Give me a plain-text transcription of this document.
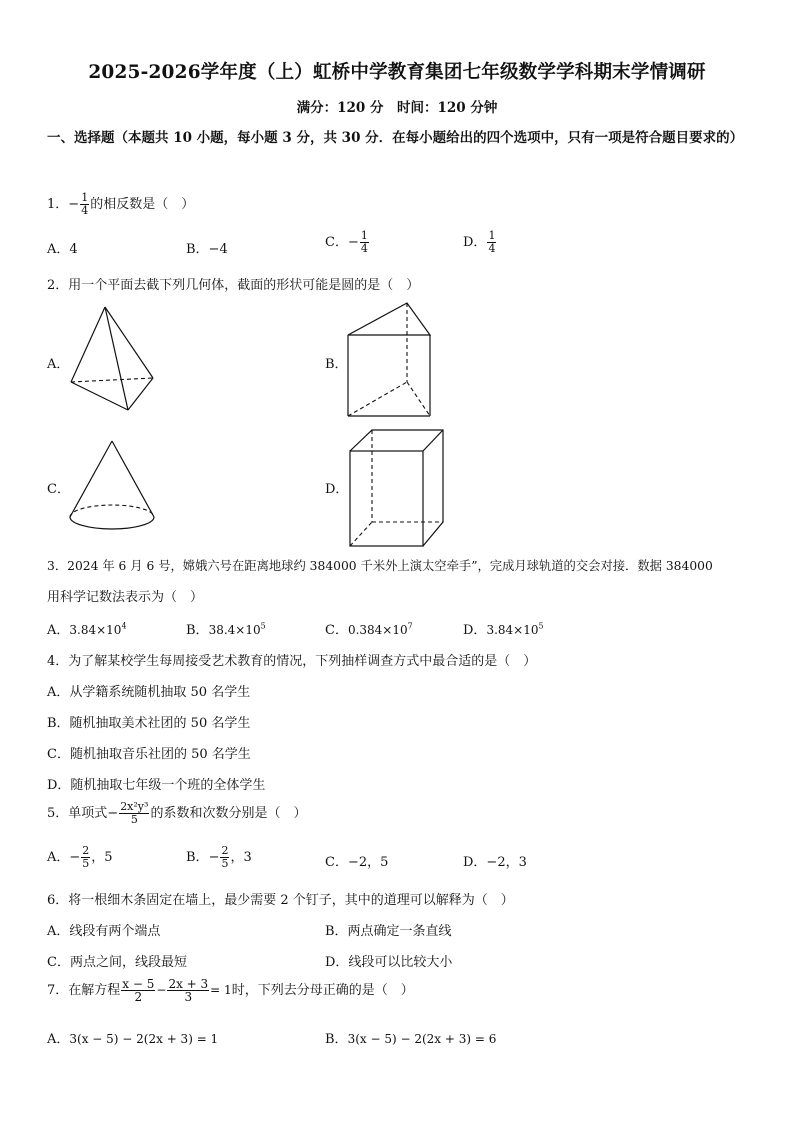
2025-2026学年度（上）虹桥中学教育集团七年级数学学科期末学情调研
满分：120 分　时间：120 分钟
一、选择题（本题共 10 小题，每小题 3 分，共 30 分．在每小题给出的四个选项中，只有一项是符合题目要求的）
1．− $\frac{1}{4}$ 的相反数是（　）
A．4	B．−4	C．− $\frac{1}{4}$	D． $\frac{1}{4}$
2．用一个平面去截下列几何体，截面的形状可能是圆的是（　）
A．	B．
C．	D．
3．2024 年 6 月 6 号，嫦娥六号在距离地球约 384000 千米外上演太空牵手”，完成月球轨道的交会对接．数据 384000
用科学记数法表示为（　）
A．$3.84\times 10^4$	B．$38.4\times 10^5$	C．$0.384\times 10^7$	D．$3.84\times 10^5$
4．为了解某校学生每周接受艺术教育的情况，下列抽样调查方式中最合适的是（　）
A．从学籍系统随机抽取 50 名学生
B．随机抽取美术社团的 50 名学生
C．随机抽取音乐社团的 50 名学生
D．随机抽取七年级一个班的全体学生
5．单项式− $\frac{\text{2x²y³}}{5}$ 的系数和次数分别是（　）
A．− $\frac{2}{5}$ ，5	B．− $\frac{2}{5}$ ，3	C．−2，5	D．−2，3
6．将一根细木条固定在墙上，最少需要 2 个钉子，其中的道理可以解释为（　）
A．线段有两个端点	B．两点确定一条直线
C．两点之间，线段最短	D．线段可以比较大小
7．在解方程 $\frac{x - 5}{2} - \frac{2x + 3}{3} = 1$时，下列去分母正确的是（　）
A．3(x − 5) − 2(2x + 3) = 1	B．3(x − 5) − 2(2x + 3) = 6
